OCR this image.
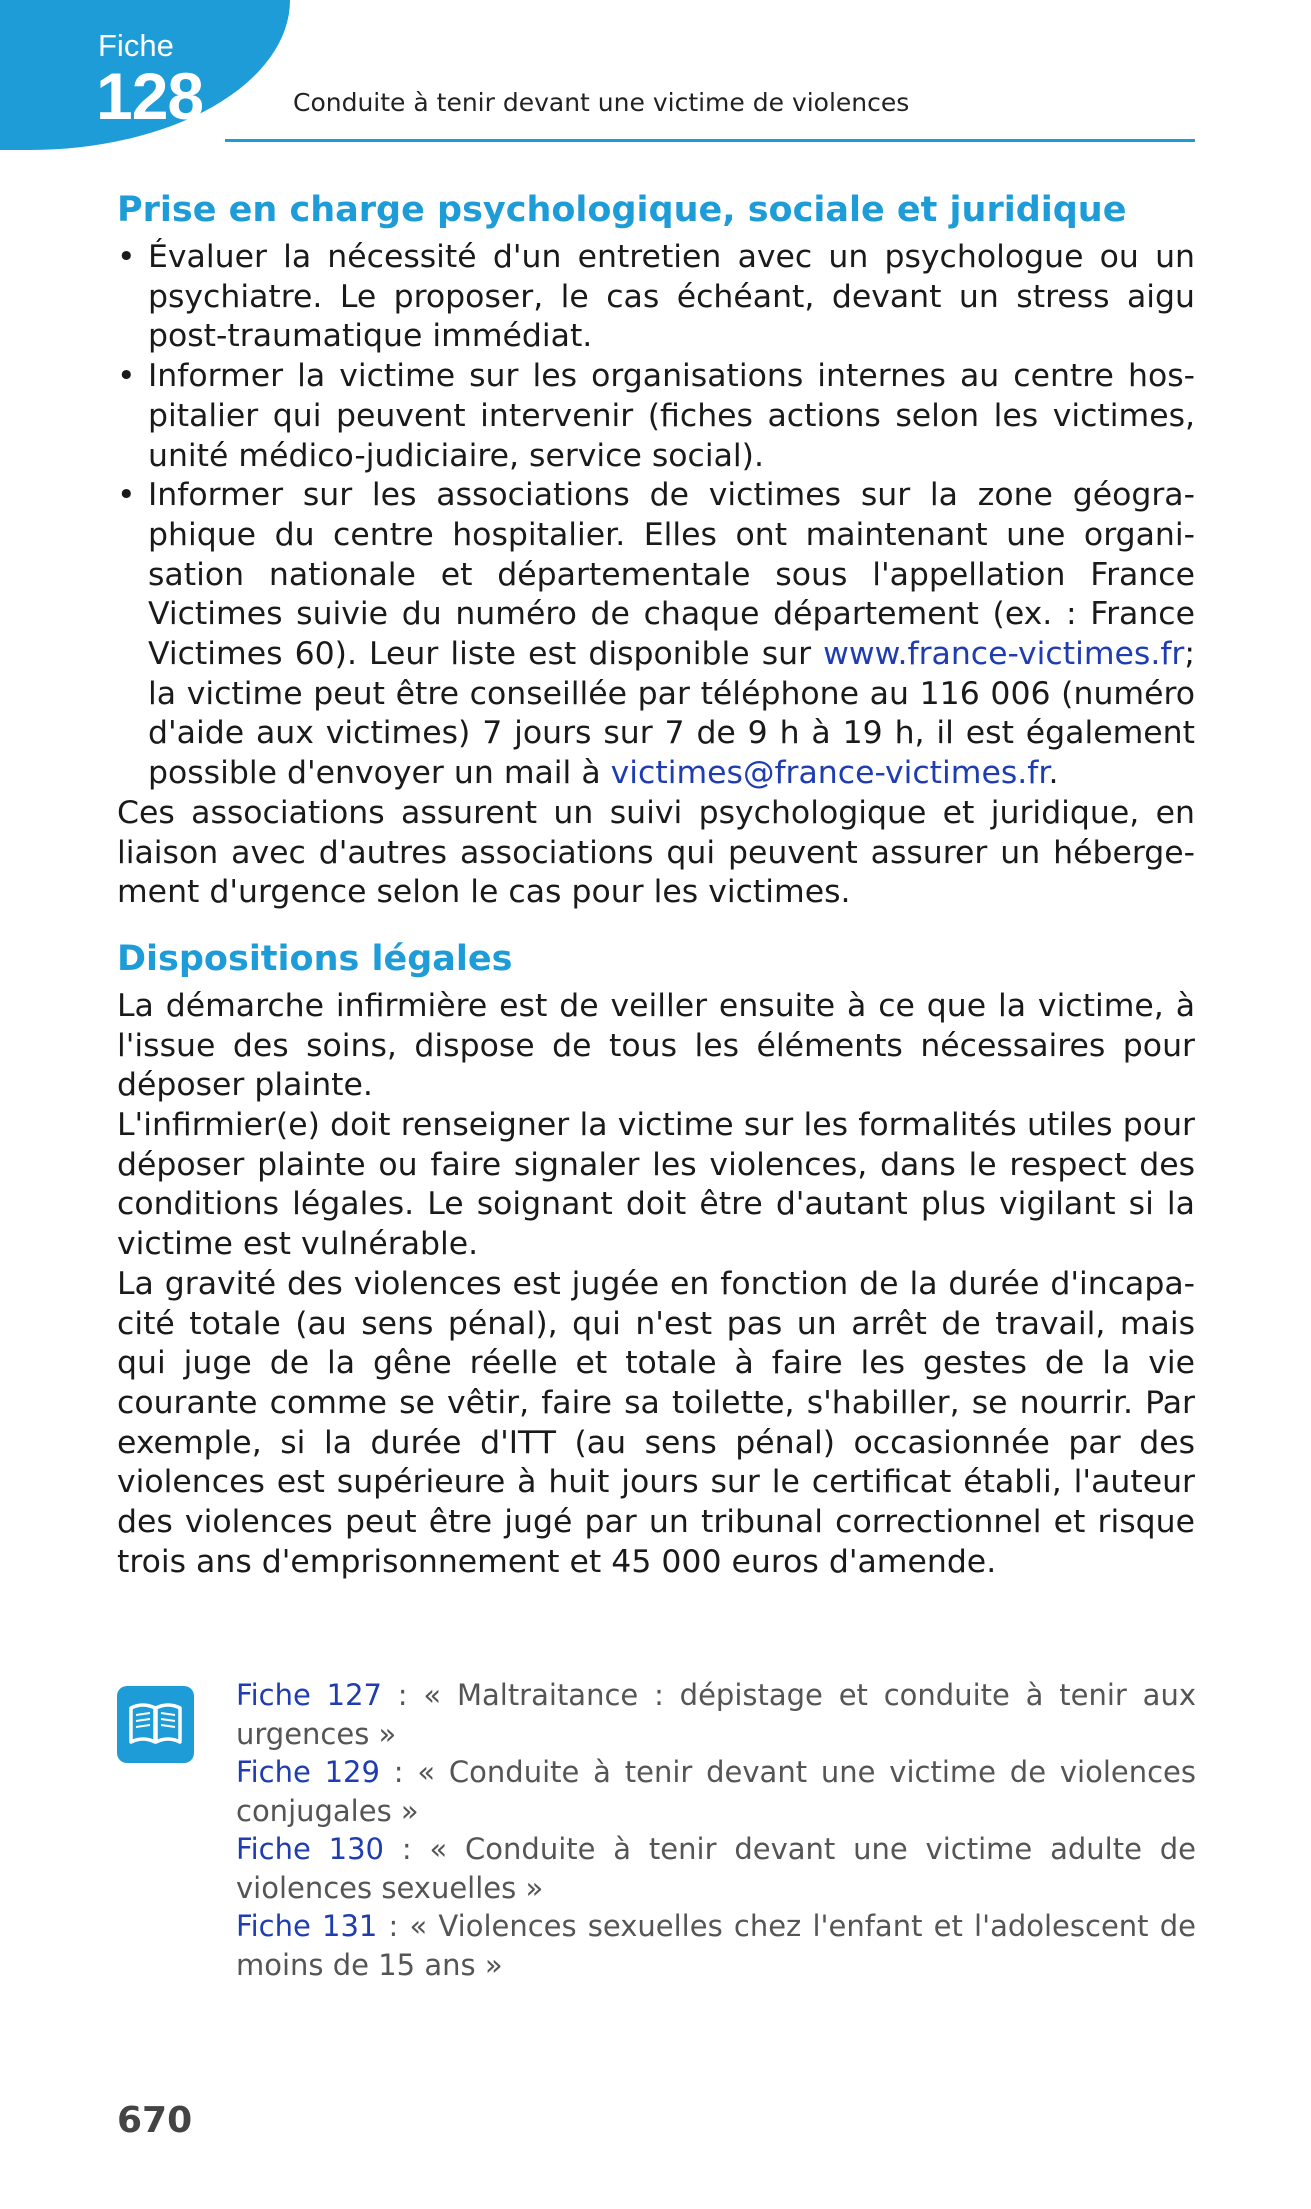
Fiche
128	Conduite à tenir devant une victime de violences
Prise en charge psychologique, sociale et juridique
• Évaluer la nécessité d'un entretien avec un psychologue ou un psychiatre. Le proposer, le cas échéant, devant un stress aigu post-traumatique immédiat.
• Informer la victime sur les organisations internes au centre hospitalier qui peuvent intervenir (fiches actions selon les victimes, unité médico-judiciaire, service social).
• Informer sur les associations de victimes sur la zone géographique du centre hospitalier. Elles ont maintenant une organisation nationale et départementale sous l'appellation France Victimes suivie du numéro de chaque département (ex. : France Victimes 60). Leur liste est disponible sur www.france-victimes.fr; la victime peut être conseillée par téléphone au 116 006 (numéro d'aide aux victimes) 7 jours sur 7 de 9 h à 19 h, il est également possible d'envoyer un mail à victimes@france-victimes.fr.

Ces associations assurent un suivi psychologique et juridique, en liaison avec d'autres associations qui peuvent assurer un hébergement d'urgence selon le cas pour les victimes.

Dispositions légales

La démarche infirmière est de veiller ensuite à ce que la victime, à l'issue des soins, dispose de tous les éléments nécessaires pour déposer plainte.

L'infirmier(e) doit renseigner la victime sur les formalités utiles pour déposer plainte ou faire signaler les violences, dans le respect des conditions légales. Le soignant doit être d'autant plus vigilant si la victime est vulnérable.

La gravité des violences est jugée en fonction de la durée d'incapacité totale (au sens pénal), qui n'est pas un arrêt de travail, mais qui juge de la gêne réelle et totale à faire les gestes de la vie courante comme se vêtir, faire sa toilette, s'habiller, se nourrir. Par exemple, si la durée d'ITT (au sens pénal) occasionnée par des violences est supérieure à huit jours sur le certificat établi, l'auteur des violences peut être jugé par un tribunal correctionnel et risque trois ans d'emprisonnement et 45 000 euros d'amende.

Fiche 127 : « Maltraitance : dépistage et conduite à tenir aux urgences »

Fiche 129 : « Conduite à tenir devant une victime de violences conjugales »

Fiche 130 : « Conduite à tenir devant une victime adulte de violences sexuelles »

Fiche 131 : « Violences sexuelles chez l'enfant et l'adolescent de moins de 15 ans »

670
